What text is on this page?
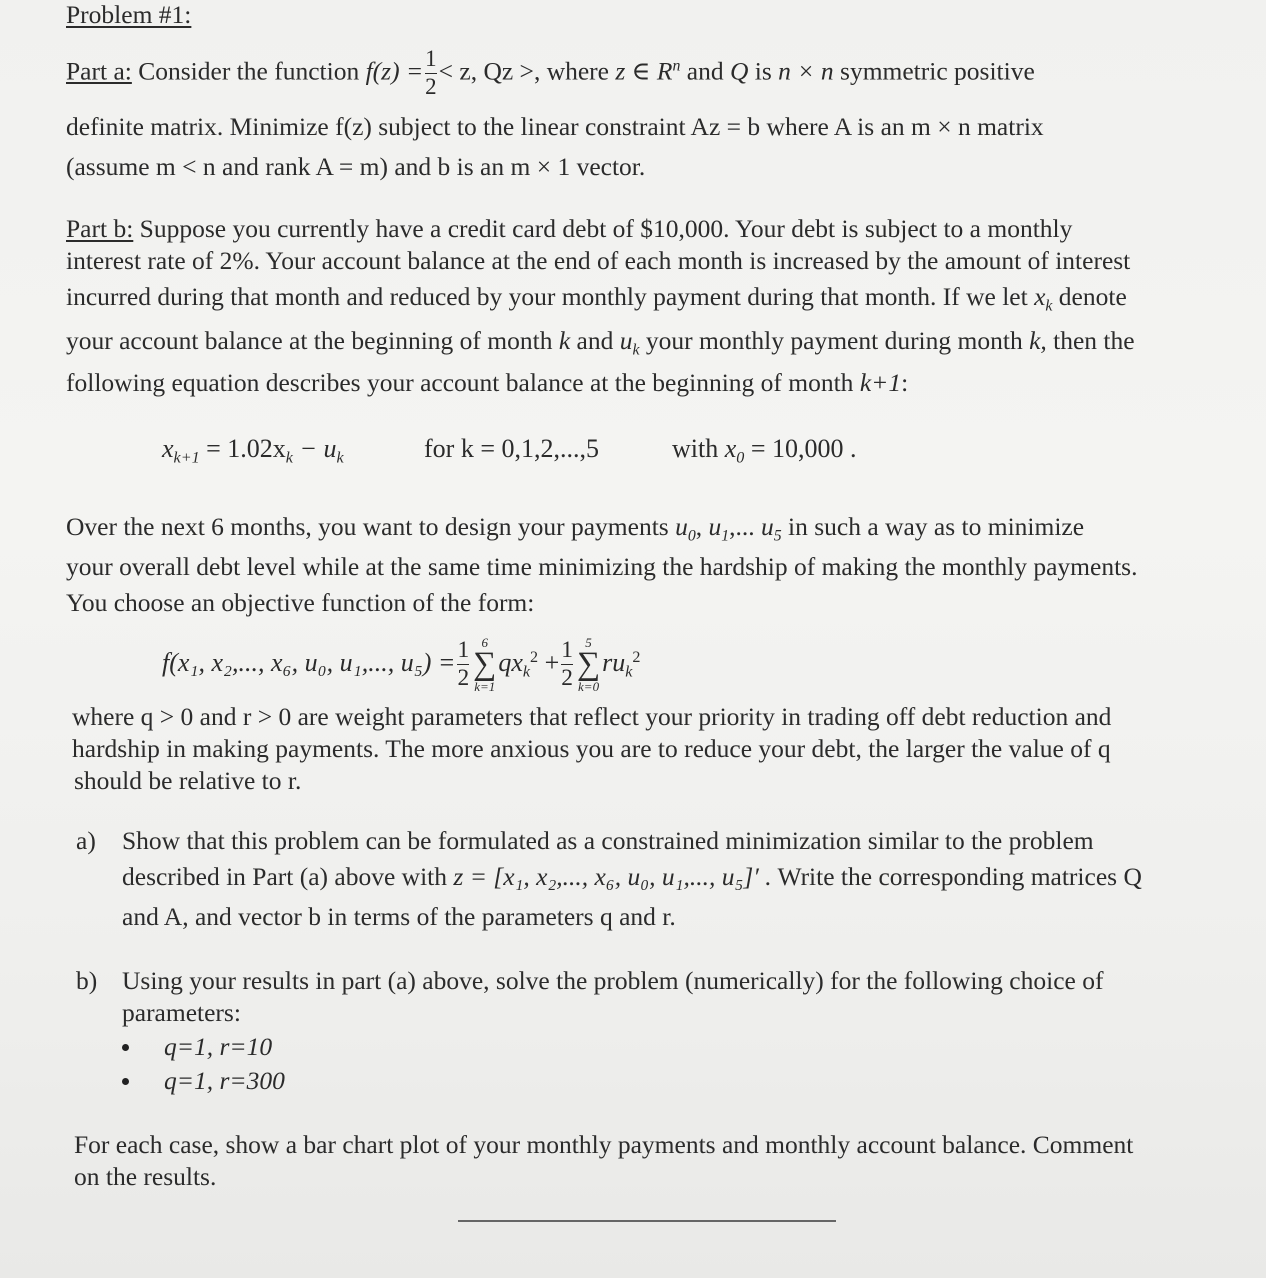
Problem #1:
Part a: Consider the function $f(z) = \frac{1}{2} < z$, Qz >, where z ∈ $R^n$ and Q is n × n symmetric positive
definite matrix. Minimize f(z) subject to the linear constraint Az = b where A is an m × n matrix
(assume m < n and rank A = m) and b is an m × 1 vector.
Part b: Suppose you currently have a credit card debt of $10,000. Your debt is subject to a monthly
interest rate of 2%. Your account balance at the end of each month is increased by the amount of interest
incurred during that month and reduced by your monthly payment during that month. If we let $x_k$ denote
your account balance at the beginning of month k and $u_k$ your monthly payment during month k, then the
following equation describes your account balance at the beginning of month k+1:
$x_{k+1} = 1.02x_k - u_k$	for k = 0,1,2,...,5	with $x_0 = 10,000$ .
Over the next 6 months, you want to design your payments $u_0$, $u_1$,... $u_5$ in such a way as to minimize
your overall debt level while at the same time minimizing the hardship of making the monthly payments.
You choose an objective function of the form:
f(x₁, x₂,..., x₆, u₀, u₁,..., $u_5) = \frac{1}{2} 6$
∑
k=1
$qx_k^2 + \frac{1}{2} 5$
∑
k=0
$ru_k^2$
where q > 0 and r > 0 are weight parameters that reflect your priority in trading off debt reduction and
hardship in making payments. The more anxious you are to reduce your debt, the larger the value of q
should be relative to r.
a) Show that this problem can be formulated as a constrained minimization similar to the problem
described in Part (a) above with z = [x₁, x₂,..., x₆, u₀, u₁,..., u₅]′ . Write the corresponding matrices Q
and A, and vector b in terms of the parameters q and r.
b) Using your results in part (a) above, solve the problem (numerically) for the following choice of
parameters:
q=1, r=10
q=1, r=300
For each case, show a bar chart plot of your monthly payments and monthly account balance. Comment
on the results.
